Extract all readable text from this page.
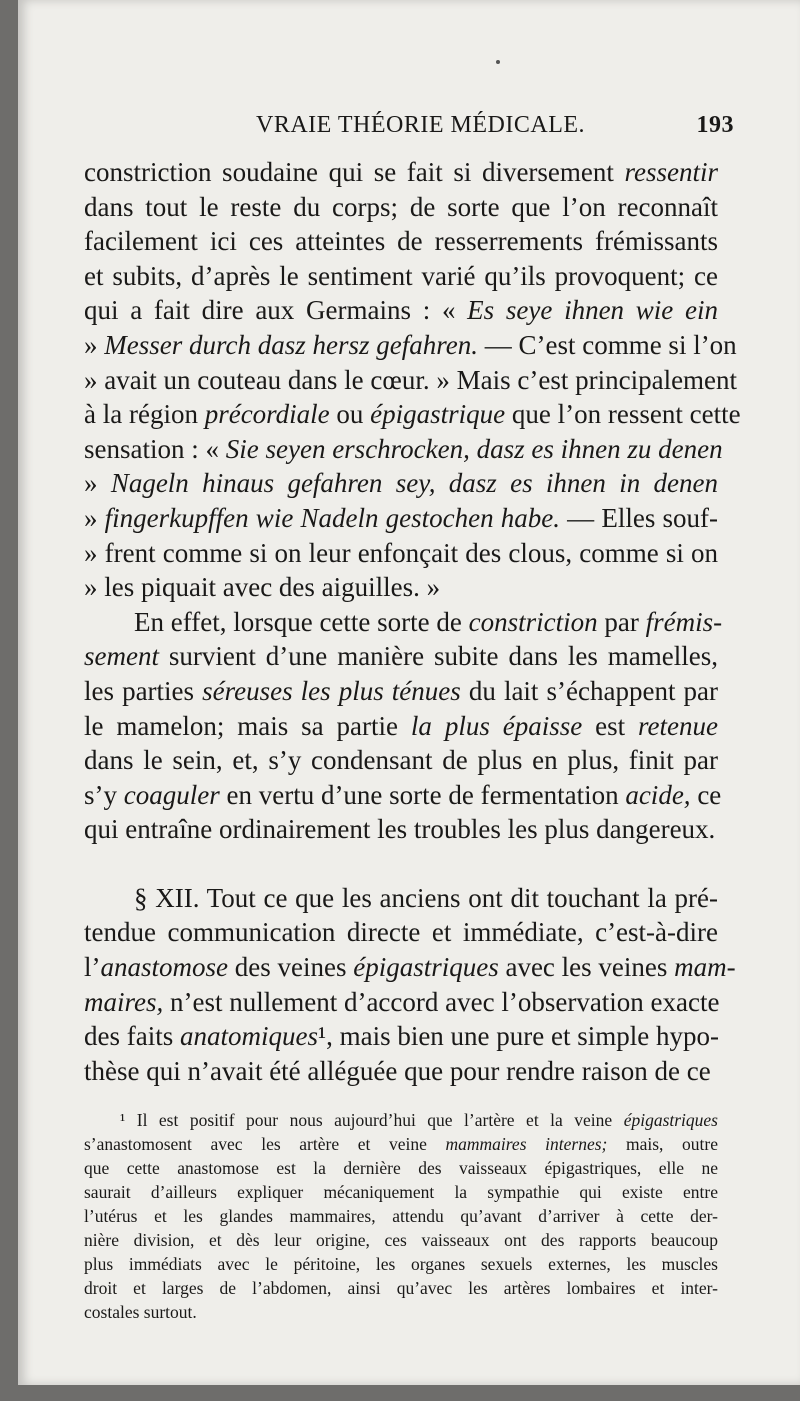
VRAIE THÉORIE MÉDICALE.	193
constriction soudaine qui se fait si diversement ressentir
dans tout le reste du corps; de sorte que l’on reconnaît
facilement ici ces atteintes de resserrements frémissants
et subits, d’après le sentiment varié qu’ils provoquent; ce
qui a fait dire aux Germains : « Es seye ihnen wie ein
» Messer durch dasz hersz gefahren. — C’est comme si l’on
» avait un couteau dans le cœur. » Mais c’est principalement
à la région précordiale ou épigastrique que l’on ressent cette
sensation : « Sie seyen erschrocken, dasz es ihnen zu denen
» Nageln hinaus gefahren sey, dasz es ihnen in denen
» fingerkupffen wie Nadeln gestochen habe. — Elles souf-
» frent comme si on leur enfonçait des clous, comme si on
» les piquait avec des aiguilles. »
En effet, lorsque cette sorte de constriction par frémis-
sement survient d’une manière subite dans les mamelles,
les parties séreuses les plus ténues du lait s’échappent par
le mamelon; mais sa partie la plus épaisse est retenue
dans le sein, et, s’y condensant de plus en plus, finit par
s’y coaguler en vertu d’une sorte de fermentation acide, ce
qui entraîne ordinairement les troubles les plus dangereux.
§ XII. Tout ce que les anciens ont dit touchant la pré-
tendue communication directe et immédiate, c’est-à-dire
l’anastomose des veines épigastriques avec les veines mam-
maires, n’est nullement d’accord avec l’observation exacte
des faits anatomiques¹, mais bien une pure et simple hypo-
thèse qui n’avait été alléguée que pour rendre raison de ce
¹ Il est positif pour nous aujourd’hui que l’artère et la veine épigastriques
s’anastomosent avec les artère et veine mammaires internes; mais, outre
que cette anastomose est la dernière des vaisseaux épigastriques, elle ne
saurait d’ailleurs expliquer mécaniquement la sympathie qui existe entre
l’utérus et les glandes mammaires, attendu qu’avant d’arriver à cette der-
nière division, et dès leur origine, ces vaisseaux ont des rapports beaucoup
plus immédiats avec le péritoine, les organes sexuels externes, les muscles
droit et larges de l’abdomen, ainsi qu’avec les artères lombaires et inter-
costales surtout.
